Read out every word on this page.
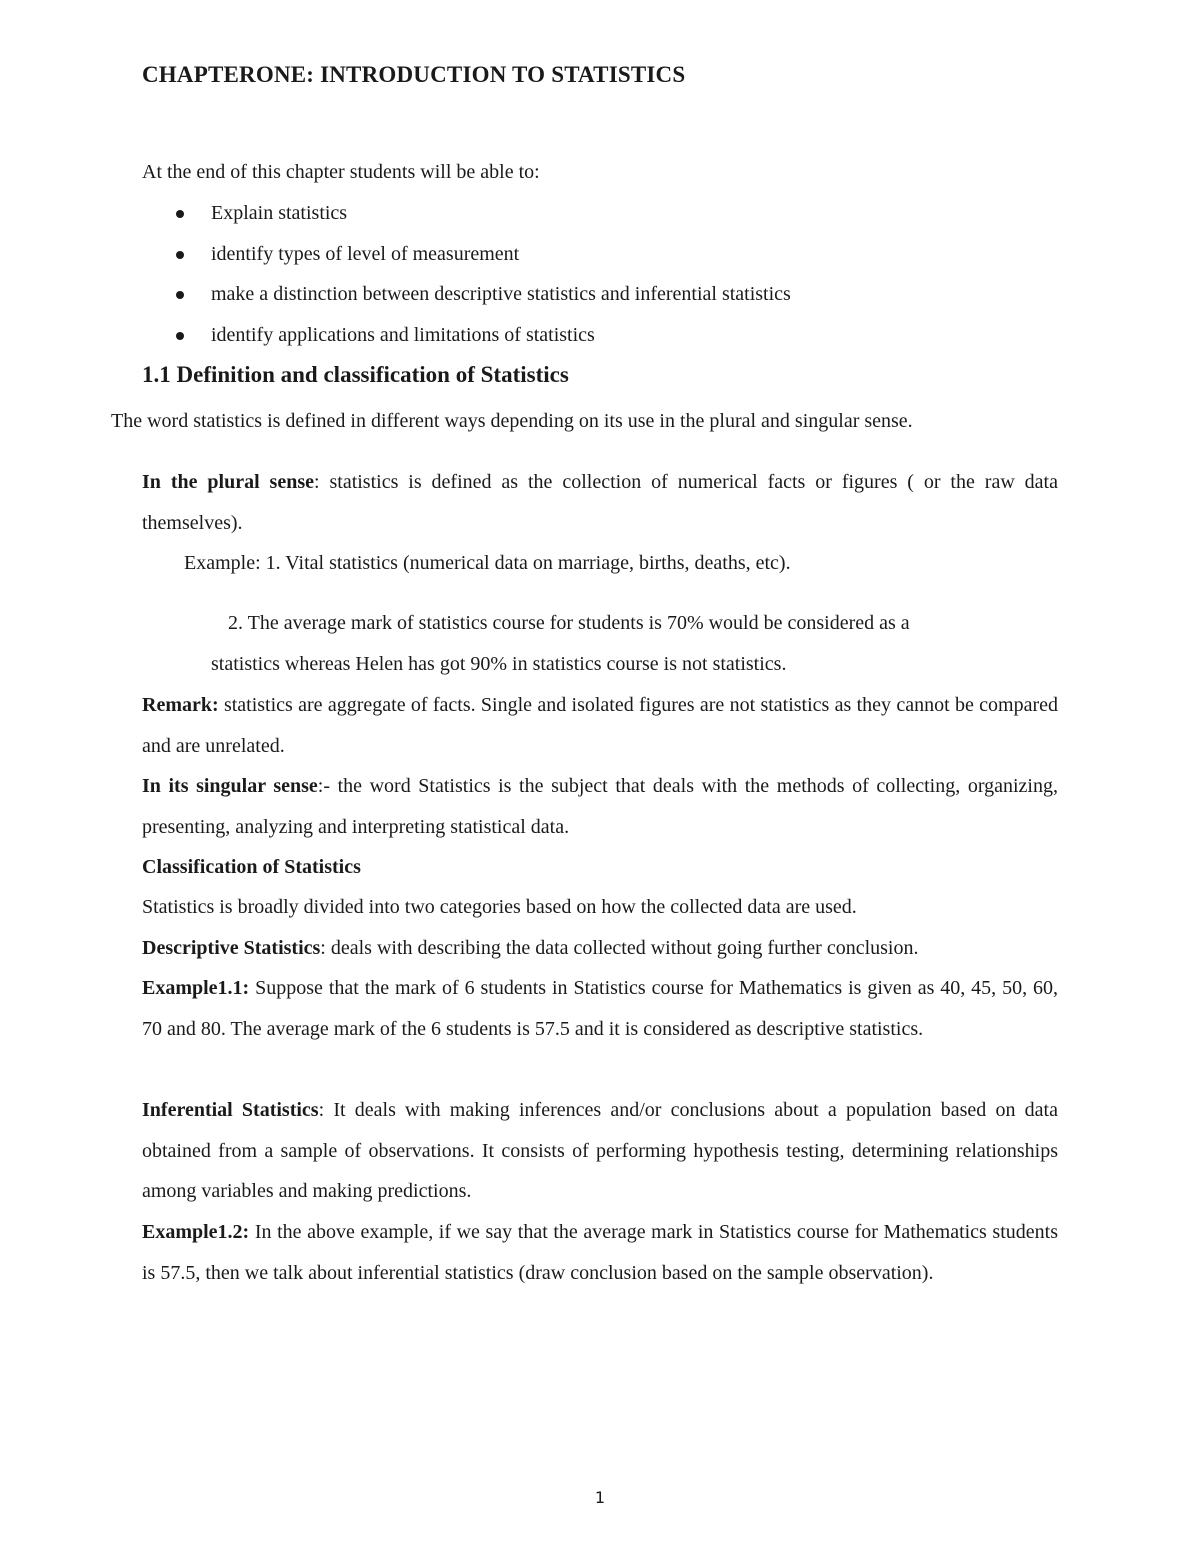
CHAPTERONE: INTRODUCTION TO STATISTICS

At the end of this chapter students will be able to:

Explain statistics
identify types of level of measurement
make a distinction between descriptive statistics and inferential statistics
identify applications and limitations of statistics
1.1 Definition and classification of Statistics

The word statistics is defined in different ways depending on its use in the plural and singular sense.

In the plural sense: statistics is defined as the collection of numerical facts or figures ( or the raw data themselves).

Example: 1. Vital statistics (numerical data on marriage, births, deaths, etc).

2. The average mark of statistics course for students is 70% would be considered as a

statistics whereas Helen has got 90% in statistics course is not statistics.

Remark: statistics are aggregate of facts. Single and isolated figures are not statistics as they cannot be compared and are unrelated.

In its singular sense:- the word Statistics is the subject that deals with the methods of collecting, organizing, presenting, analyzing and interpreting statistical data.

Classification of Statistics

Statistics is broadly divided into two categories based on how the collected data are used.

Descriptive Statistics: deals with describing the data collected without going further conclusion.

Example1.1: Suppose that the mark of 6 students in Statistics course for Mathematics is given as 40, 45, 50, 60, 70 and 80. The average mark of the 6 students is 57.5 and it is considered as descriptive statistics.

Inferential Statistics: It deals with making inferences and/or conclusions about a population based on data obtained from a sample of observations. It consists of performing hypothesis testing, determining relationships among variables and making predictions.

Example1.2: In the above example, if we say that the average mark in Statistics course for Mathematics students is 57.5, then we talk about inferential statistics (draw conclusion based on the sample observation).

1
